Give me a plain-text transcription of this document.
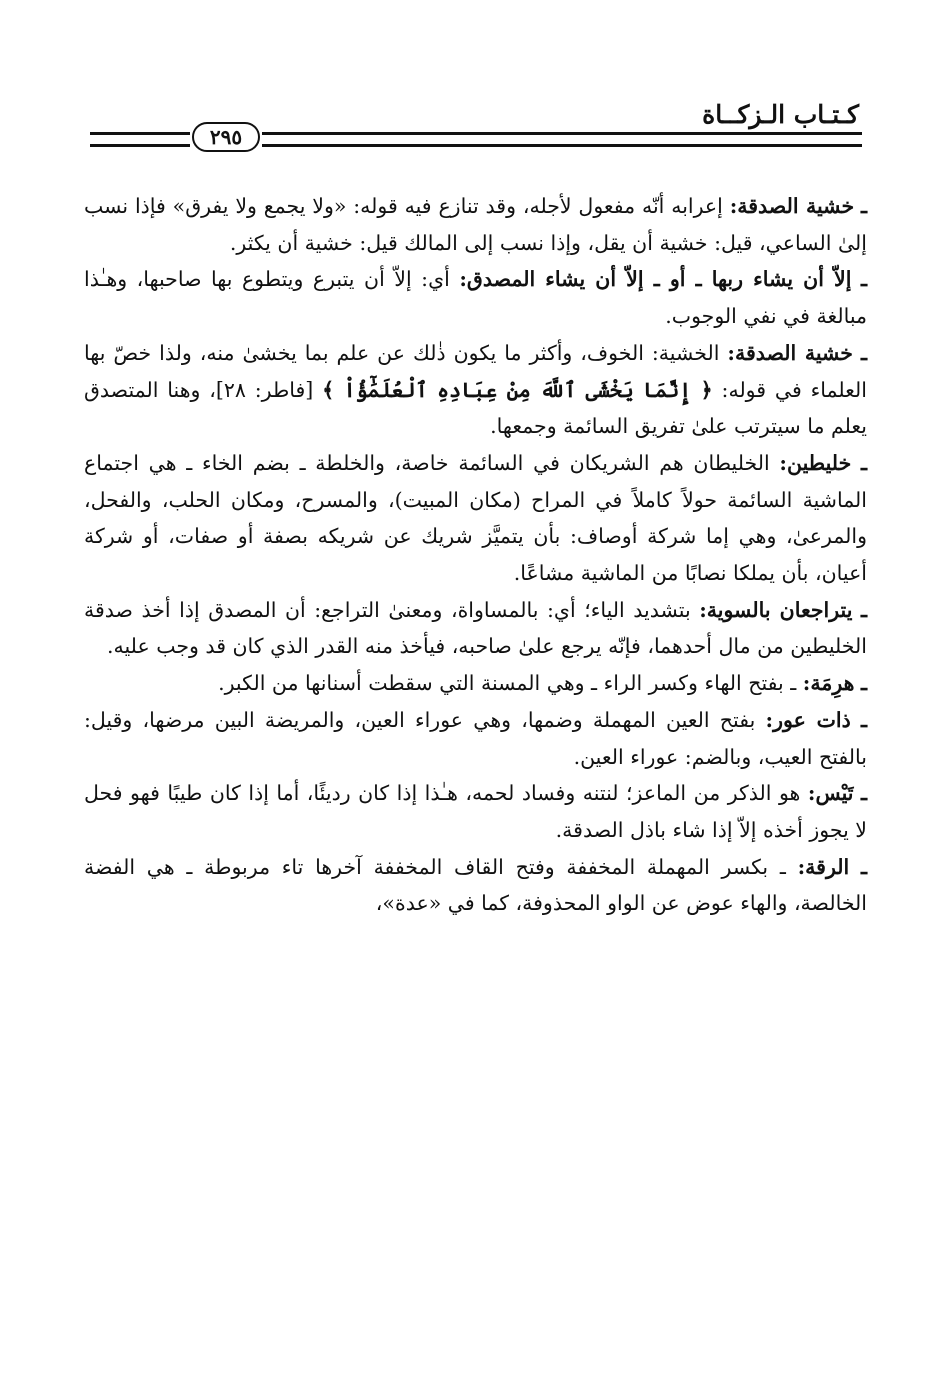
كـتـاب الـزكــاة
٢٩٥

ـ خشية الصدقة: إعرابه أنّه مفعول لأجله، وقد تنازع فيه قوله: «ولا يجمع ولا يفرق» فإذا نسب إلىٰ الساعي، قيل: خشية أن يقل، وإذا نسب إلى المالك قيل: خشية أن يكثر.

ـ إلاّ أن يشاء ربها ـ أو ـ إلاّ أن يشاء المصدق: أي: إلاّ أن يتبرع ويتطوع بها صاحبها، وهـٰذا مبالغة في نفي الوجوب.

ـ خشية الصدقة: الخشية: الخوف، وأكثر ما يكون ذٰلك عن علم بما يخشىٰ منه، ولذا خصّ بها العلماء في قوله: ﴿ إِنَّمَا يَخْشَى ٱللَّهَ مِنْ عِبَادِهِ ٱلْعُلَمَٰٓؤُاْ ﴾ [فاطر: ٢٨]، وهنا المتصدق يعلم ما سيترتب علىٰ تفريق السائمة وجمعها.

ـ خليطين: الخليطان هم الشريكان في السائمة خاصة، والخلطة ـ بضم الخاء ـ هي اجتماع الماشية السائمة حولاً كاملاً في المراح (مكان المبيت)، والمسرح، ومكان الحلب، والفحل، والمرعىٰ، وهي إما شركة أوصاف: بأن يتميَّز شريك عن شريكه بصفة أو صفات، أو شركة أعيان، بأن يملكا نصابًا من الماشية مشاعًا.

ـ يتراجعان بالسوية: بتشديد الياء؛ أي: بالمساواة، ومعنىٰ التراجع: أن المصدق إذا أخذ صدقة الخليطين من مال أحدهما، فإنّه يرجع علىٰ صاحبه، فيأخذ منه القدر الذي كان قد وجب عليه.

ـ هرِمَة: ـ بفتح الهاء وكسر الراء ـ وهي المسنة التي سقطت أسنانها من الكبر.

ـ ذات عور: بفتح العين المهملة وضمها، وهي عوراء العين، والمريضة البين مرضها، وقيل: بالفتح العيب، وبالضم: عوراء العين.

ـ تَيْس: هو الذكر من الماعز؛ لنتنه وفساد لحمه، هـٰذا إذا كان رديئًا، أما إذا كان طيبًا فهو فحل لا يجوز أخذه إلاّ إذا شاء باذل الصدقة.

ـ الرقة: ـ بكسر المهملة المخففة وفتح القاف المخففة آخرها تاء مربوطة ـ هي الفضة الخالصة، والهاء عوض عن الواو المحذوفة، كما في «عدة»،
